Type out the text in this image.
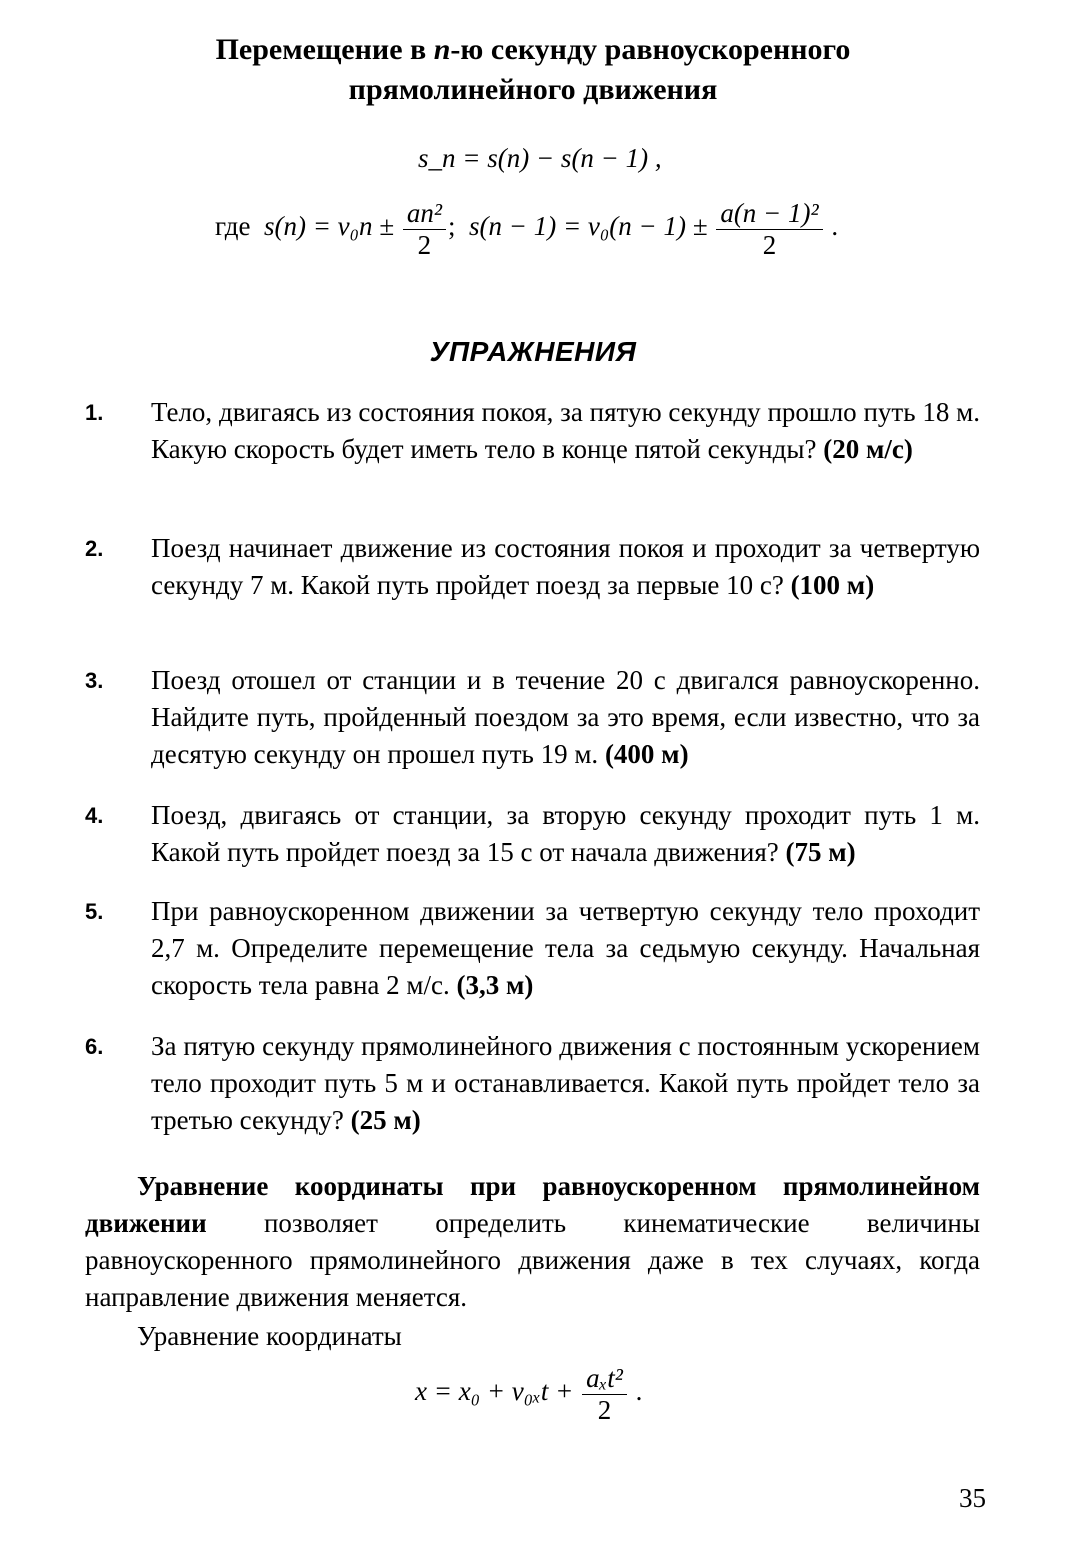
Перемещение в n-ю секунду равноускоренного
прямолинейного движения
s_n = s(n) − s(n − 1) ,
где $s(n) = v_0n \pm \frac{\text{an²}}{2}$ ; $s(n - 1) = v_0(n - 1) \pm \frac{\text{a(n − 1)²}}{2}$ .
УПРАЖНЕНИЯ
1. Тело, двигаясь из состояния покоя, за пятую секунду прошло путь 18 м. Какую скорость будет иметь тело в конце пятой секунды? (20 м/с)
2. Поезд начинает движение из состояния покоя и проходит за четвертую секунду 7 м. Какой путь пройдет поезд за первые 10 с? (100 м)
3. Поезд отошел от станции и в течение 20 с двигался равноускоренно. Найдите путь, пройденный поездом за это время, если известно, что за десятую секунду он прошел путь 19 м. (400 м)
4. Поезд, двигаясь от станции, за вторую секунду проходит путь 1 м. Какой путь пройдет поезд за 15 с от начала движения? (75 м)
5. При равноускоренном движении за четвертую секунду тело проходит 2,7 м. Определите перемещение тела за седьмую секунду. Начальная скорость тела равна 2 м/с. (3,3 м)
6. За пятую секунду прямолинейного движения с постоянным ускорением тело проходит путь 5 м и останавливается. Какой путь пройдет тело за третью секунду? (25 м)
Уравнение координаты при равноускоренном прямолинейном движении позволяет определить кинематические величины равноускоренного прямолинейного движения даже в тех случаях, когда направление движения меняется.
Уравнение координаты
$x = x_0 + v_{0x}t + \frac{\text{aₓt²}}{2}$ .
35
